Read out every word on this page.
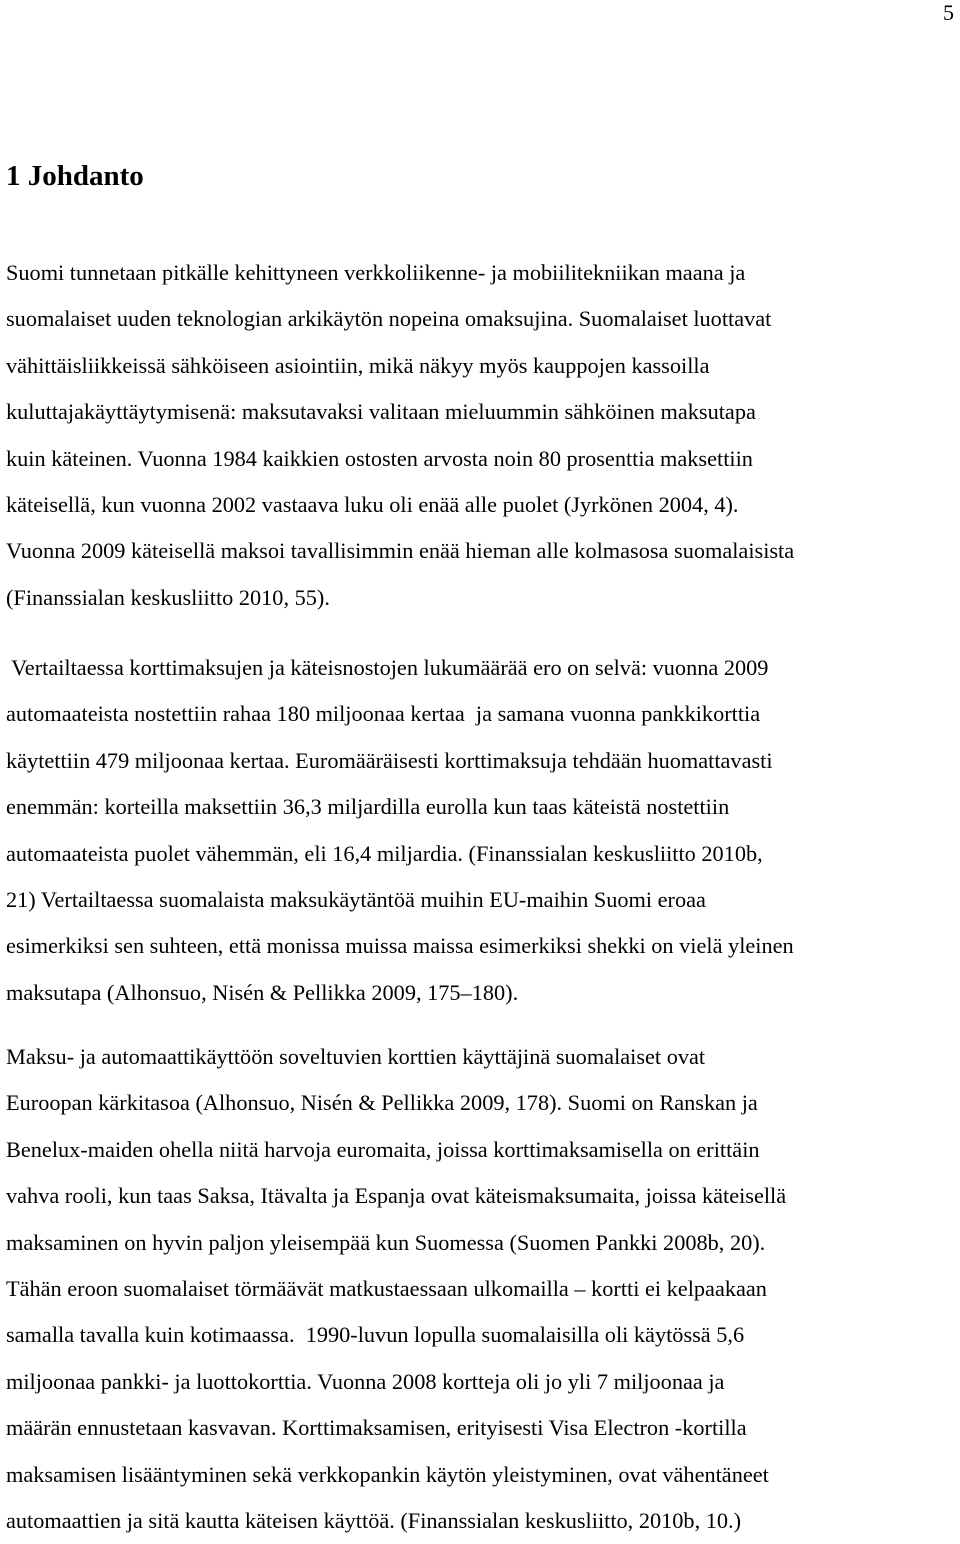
5
1 Johdanto
Suomi tunnetaan pitkälle kehittyneen verkkoliikenne- ja mobiilitekniikan maana ja
suomalaiset uuden teknologian arkikäytön nopeina omaksujina. Suomalaiset luottavat
vähittäisliikkeissä sähköiseen asiointiin, mikä näkyy myös kauppojen kassoilla
kuluttajakäyttäytymisenä: maksutavaksi valitaan mieluummin sähköinen maksutapa
kuin käteinen. Vuonna 1984 kaikkien ostosten arvosta noin 80 prosenttia maksettiin
käteisellä, kun vuonna 2002 vastaava luku oli enää alle puolet (Jyrkönen 2004, 4).
Vuonna 2009 käteisellä maksoi tavallisimmin enää hieman alle kolmasosa suomalaisista
(Finanssialan keskusliitto 2010, 55).
Vertailtaessa korttimaksujen ja käteisnostojen lukumäärää ero on selvä: vuonna 2009
automaateista nostettiin rahaa 180 miljoonaa kertaa  ja samana vuonna pankkikorttia
käytettiin 479 miljoonaa kertaa. Euromääräisesti korttimaksuja tehdään huomattavasti
enemmän: korteilla maksettiin 36,3 miljardilla eurolla kun taas käteistä nostettiin
automaateista puolet vähemmän, eli 16,4 miljardia. (Finanssialan keskusliitto 2010b,
21) Vertailtaessa suomalaista maksukäytäntöä muihin EU-maihin Suomi eroaa
esimerkiksi sen suhteen, että monissa muissa maissa esimerkiksi shekki on vielä yleinen
maksutapa (Alhonsuo, Nisén & Pellikka 2009, 175–180).
Maksu- ja automaattikäyttöön soveltuvien korttien käyttäjinä suomalaiset ovat
Euroopan kärkitasoa (Alhonsuo, Nisén & Pellikka 2009, 178). Suomi on Ranskan ja
Benelux-maiden ohella niitä harvoja euromaita, joissa korttimaksamisella on erittäin
vahva rooli, kun taas Saksa, Itävalta ja Espanja ovat käteismaksumaita, joissa käteisellä
maksaminen on hyvin paljon yleisempää kun Suomessa (Suomen Pankki 2008b, 20).
Tähän eroon suomalaiset törmäävät matkustaessaan ulkomailla – kortti ei kelpaakaan
samalla tavalla kuin kotimaassa.  1990-luvun lopulla suomalaisilla oli käytössä 5,6
miljoonaa pankki- ja luottokorttia. Vuonna 2008 kortteja oli jo yli 7 miljoonaa ja
määrän ennustetaan kasvavan. Korttimaksamisen, erityisesti Visa Electron -kortilla
maksamisen lisääntyminen sekä verkkopankin käytön yleistyminen, ovat vähentäneet
automaattien ja sitä kautta käteisen käyttöä. (Finanssialan keskusliitto, 2010b, 10.)
